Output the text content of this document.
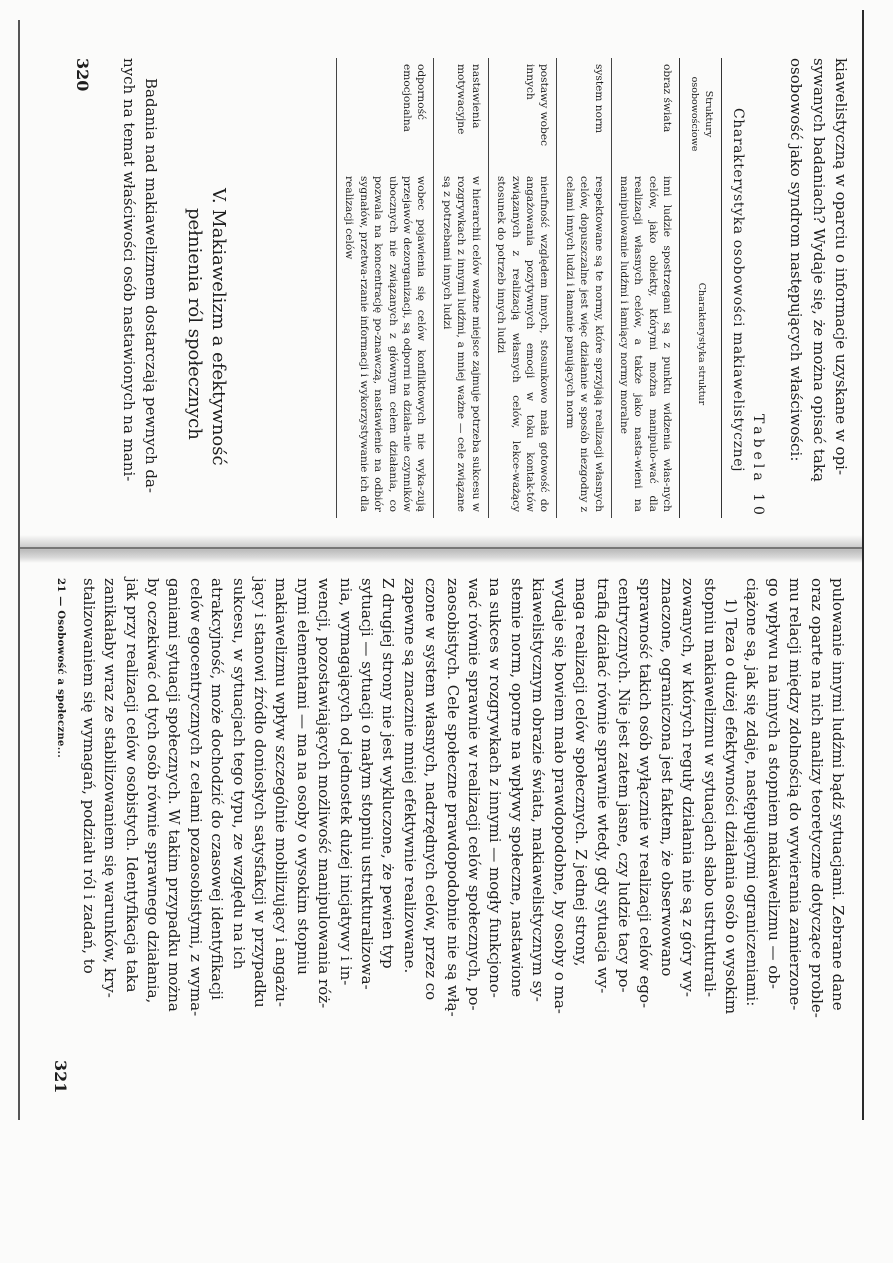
kiawelistyczną w oparciu o informacje uzyskane w opi-

sywanych badaniach? Wydaje się, że można opisać taką

osobowość jako syndrom następujących właściwości:

Tabela 10
Charakterystyka osobowości makiawelistycznej
Struktury osobowościowe	Charakterystyka struktur
obraz świata	inni ludzie spostrzegani są z punktu widzenia włas-nych celów, jako obiekty, którymi można manipulo-wać dla realizacji własnych celów, a także jako nasta-wieni na manipulowanie ludźmi i łamiący normy moralne
system norm	respektowane są te normy, które sprzyjają realizacji własnych celów, dopuszczalne jest więc działanie w sposób niezgodny z celami innych ludzi i łamanie panujących norm
postawy wobec innych	nieufność względem innych, stosunkowo mała gotowość do angażowania pozytywnych emocji w toku kontak-tów związanych z realizacją własnych celów, lekce-ważący stosunek do potrzeb innych ludzi
nastawienia motywacyjne	w hierarchii celów ważne miejsce zajmuje potrzeba sukcesu w rozgrywkach z innymi ludźmi, a mniej ważne — cele związane są z potrzebami innych ludzi
odporność emocjonalna	wobec pojawienia się celów konfliktowych nie wyka-zują przejawów dezorganizacji, są odporni na działa-nie czynników ubocznych nie związanych z głównym celem działania, co pozwala na koncentrację po-znawczą, nastawienie na odbiór sygnałów, przetwa-rzanie informacji i wykorzystywanie ich dla realizacji celów
V. Makiawelizm a efektywność
pełnienia ról społecznych

Badania nad makiawelizmem dostarczają pewnych da-

nych na temat właściwości osób nastawionych na mani-

320

pulowanie innymi ludźmi bądź sytuacjami. Zebrane dane

oraz oparte na nich analizy teoretyczne dotyczące proble-

mu relacji między zdolnością do wywierania zamierzone-

go wpływu na innych a stopniem makiawelizmu — ob-

ciążone są, jak się zdaje, następującymi ograniczeniami:

1) Teza o dużej efektywności działania osób o wysokim

stopniu makiawelizmu w sytuacjach słabo ustrukturali-

zowanych, w których reguły działania nie są z góry wy-

znaczone, ograniczona jest faktem, że obserwowano

sprawność takich osób wyłącznie w realizacji celów ego-

centrycznych. Nie jest zatem jasne, czy ludzie tacy po-

trafią działać równie sprawnie wtedy, gdy sytuacja wy-

maga realizacji celów społecznych. Z jednej strony,

wydaje się bowiem mało prawdopodobne, by osoby o ma-

kiawelistycznym obrazie świata, makiawelistycznym sy-

stemie norm, oporne na wpływy społeczne, nastawione

na sukces w rozgrywkach z innymi — mogły funkcjono-

wać równie sprawnie w realizacji celów społecznych, po-

zaosobistych. Cele społeczne prawdopodobnie nie są włą-

czone w system własnych, nadrzędnych celów, przez co

zapewne są znacznie mniej efektywnie realizowane.

Z drugiej strony nie jest wykluczone, że pewien typ

sytuacji — sytuacji o małym stopniu ustrukturalizowa-

nia, wymagających od jednostek dużej inicjatywy i in-

wencji, pozostawiających możliwość manipulowania róż-

nymi elementami — ma na osoby o wysokim stopniu

makiawelizmu wpływ szczególnie mobilizujący i angażu-

jący i stanowi źródło doniosłych satysfakcji w przypadku

sukcesu, w sytuacjach tego typu, ze względu na ich

atrakcyjność, może dochodzić do czasowej identyfikacji

celów egocentrycznych z celami pozaosobistymi, z wyma-

ganiami sytuacji społecznych. W takim przypadku można

by oczekiwać od tych osób równie sprawnego działania,

jak przy realizacji celów osobistych. Identyfikacja taka

zanikałaby wraz ze stabilizowaniem się warunków, kry-

stalizowaniem się wymagań, podziału ról i zadań, to

21 — Osobowość a społeczne...
321
